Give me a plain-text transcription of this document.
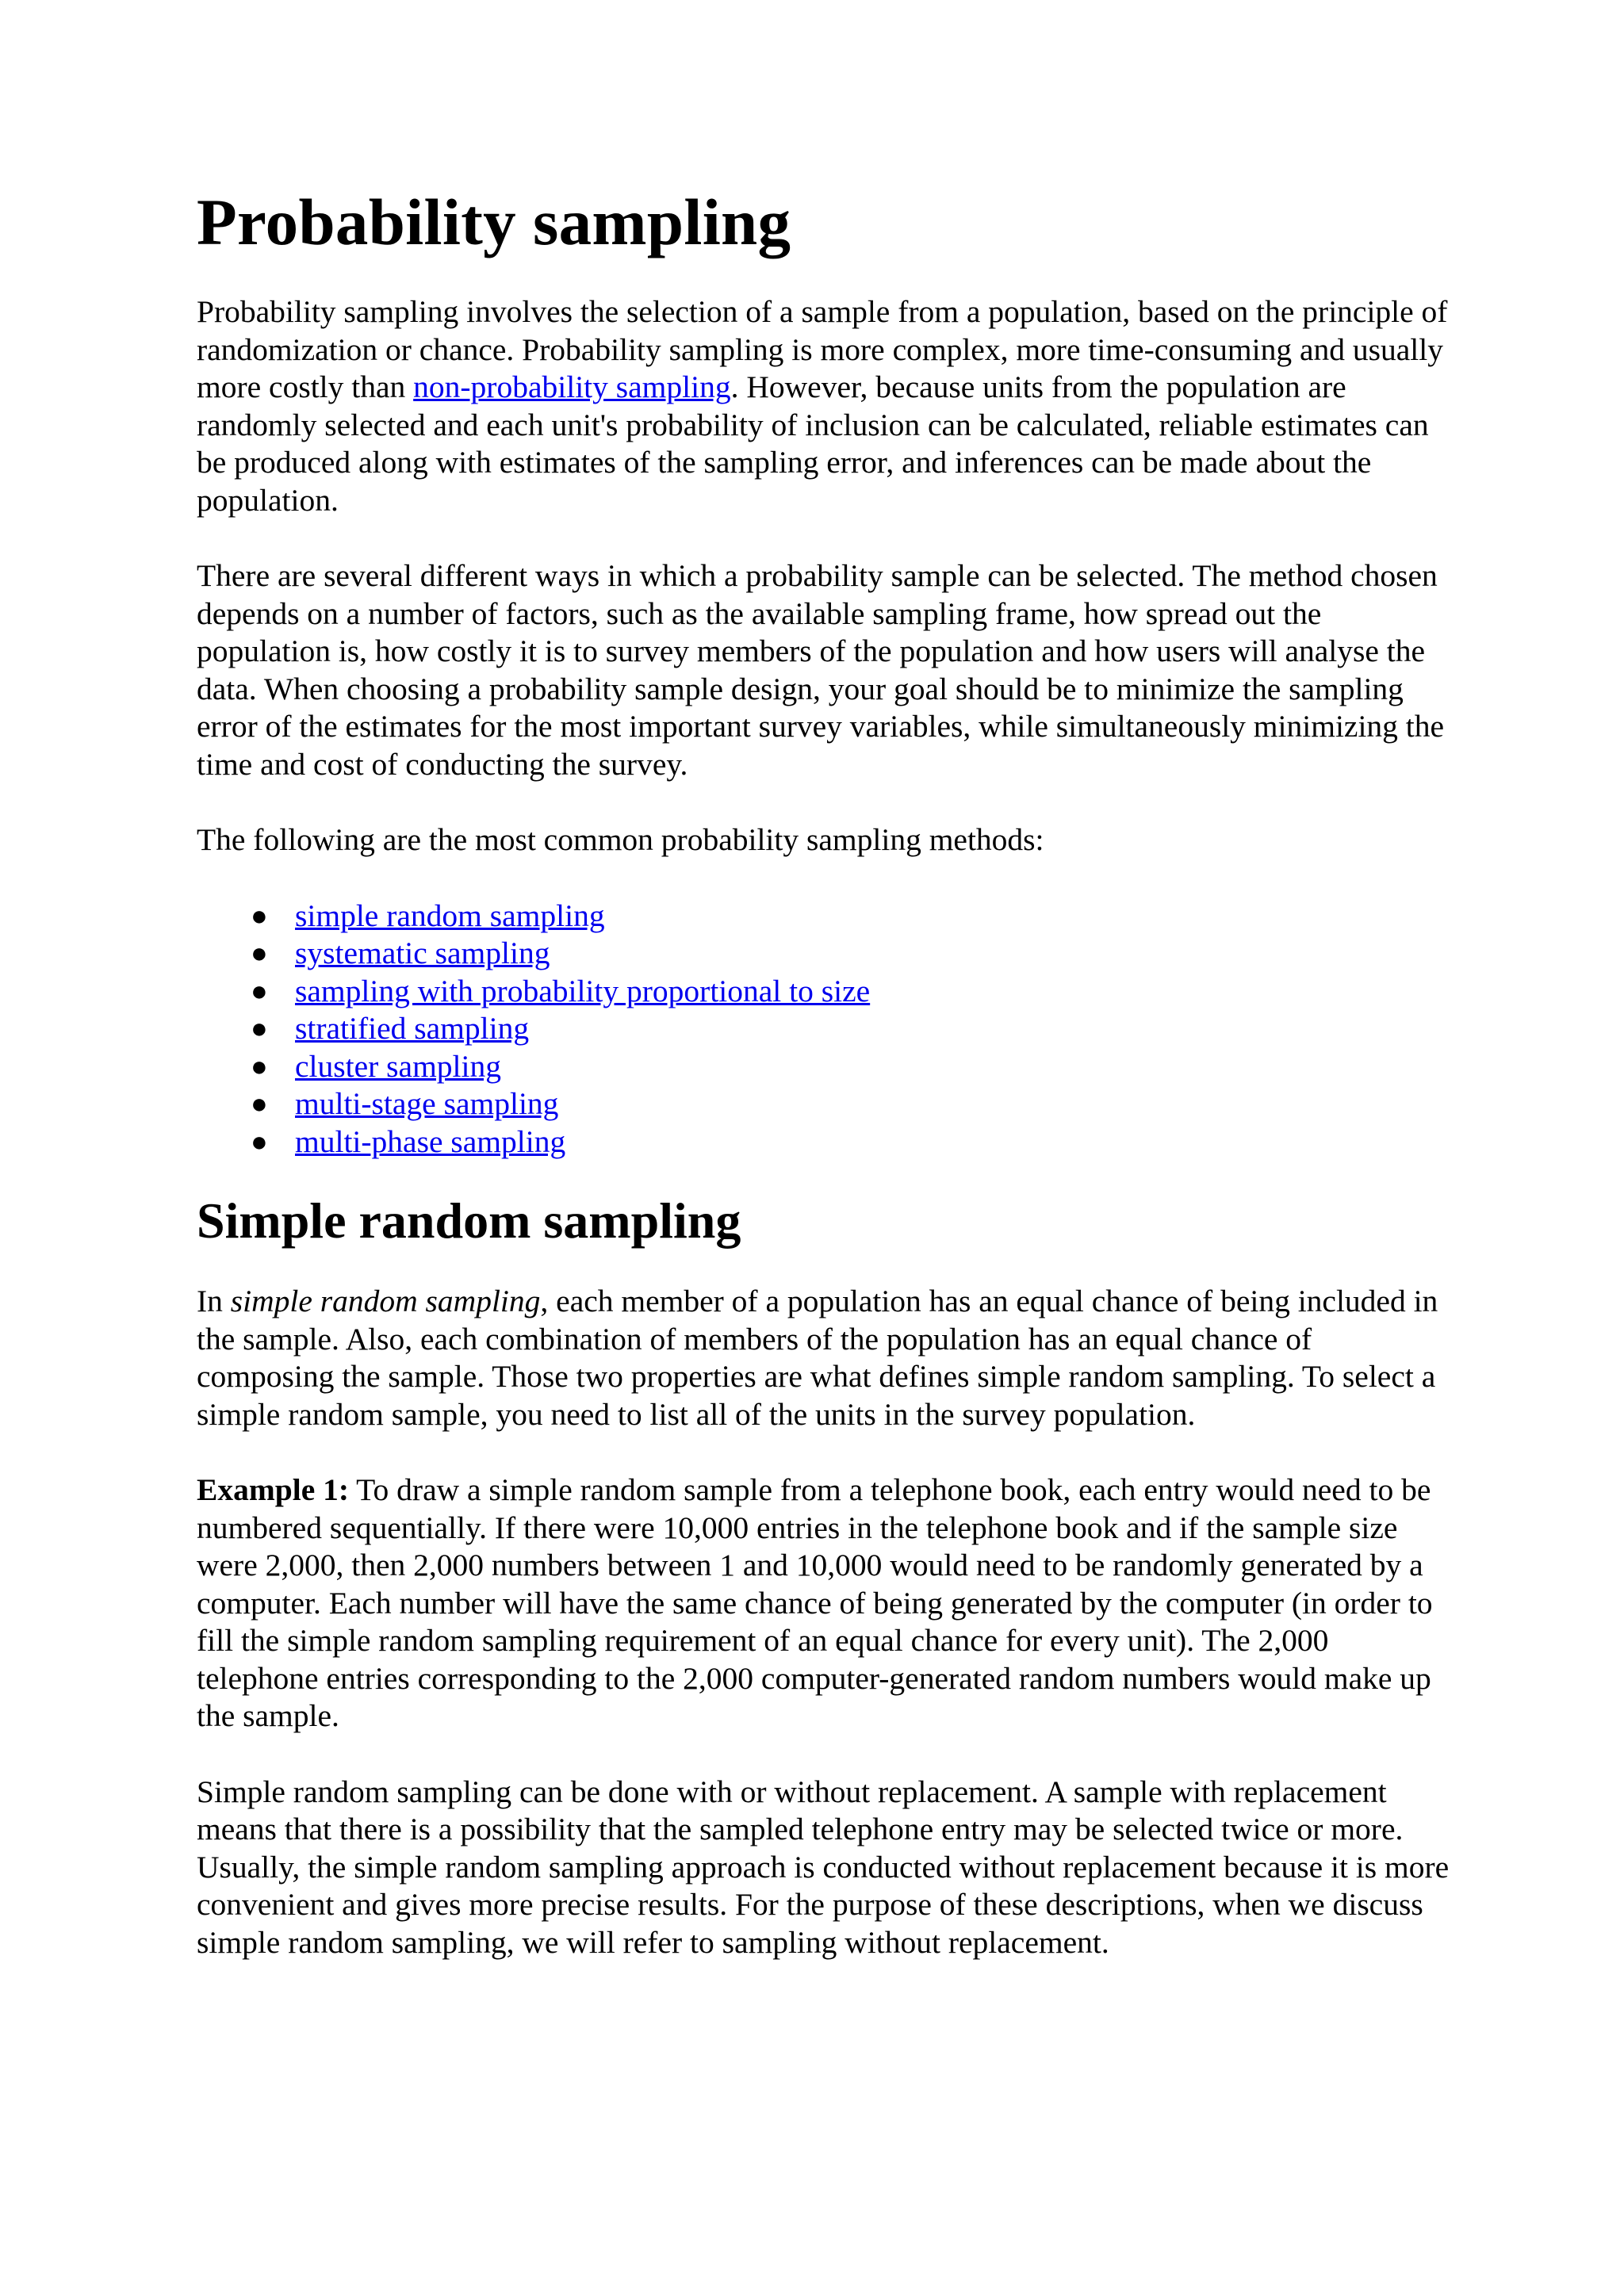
Probability sampling

Probability sampling involves the selection of a sample from a population, based on the principle of randomization or chance. Probability sampling is more complex, more time-consuming and usually more costly than non-probability sampling. However, because units from the population are randomly selected and each unit's probability of inclusion can be calculated, reliable estimates can be produced along with estimates of the sampling error, and inferences can be made about the population.

There are several different ways in which a probability sample can be selected. The method chosen depends on a number of factors, such as the available sampling frame, how spread out the population is, how costly it is to survey members of the population and how users will analyse the data. When choosing a probability sample design, your goal should be to minimize the sampling error of the estimates for the most important survey variables, while simultaneously minimizing the time and cost of conducting the survey.

The following are the most common probability sampling methods:

● simple random sampling
● systematic sampling
● sampling with probability proportional to size
● stratified sampling
● cluster sampling
● multi-stage sampling
● multi-phase sampling
Simple random sampling

In simple random sampling, each member of a population has an equal chance of being included in the sample. Also, each combination of members of the population has an equal chance of composing the sample. Those two properties are what defines simple random sampling. To select a simple random sample, you need to list all of the units in the survey population.

Example 1: To draw a simple random sample from a telephone book, each entry would need to be numbered sequentially. If there were 10,000 entries in the telephone book and if the sample size were 2,000, then 2,000 numbers between 1 and 10,000 would need to be randomly generated by a computer. Each number will have the same chance of being generated by the computer (in order to fill the simple random sampling requirement of an equal chance for every unit). The 2,000 telephone entries corresponding to the 2,000 computer-generated random numbers would make up the sample.

Simple random sampling can be done with or without replacement. A sample with replacement means that there is a possibility that the sampled telephone entry may be selected twice or more. Usually, the simple random sampling approach is conducted without replacement because it is more convenient and gives more precise results. For the purpose of these descriptions, when we discuss simple random sampling, we will refer to sampling without replacement.
